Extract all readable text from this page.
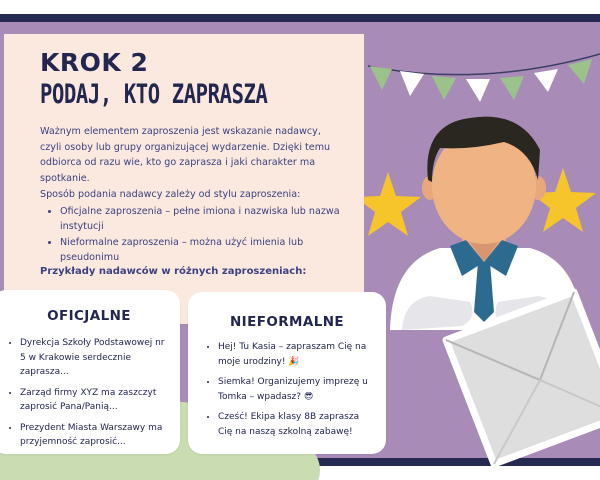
KROK 2
PODAJ, KTO ZAPRASZA

Ważnym elementem zaproszenia jest wskazanie nadawcy, czyli osoby lub grupy organizującej wydarzenie. Dzięki temu odbiorca od razu wie, kto go zaprasza i jaki charakter ma spotkanie.

Sposób podania nadawcy zależy od stylu zaproszenia:

• Oficjalne zaproszenia – pełne imiona i nazwiska lub nazwa instytucji
• Nieformalne zaproszenia – można użyć imienia lub pseudonimu
Przykłady nadawców w różnych zaproszeniach:
OFICJALNE
• Dyrekcja Szkoły Podstawowej nr 5 w Krakowie serdecznie zaprasza...
• Zarząd firmy XYZ ma zaszczyt zaprosić Pana/Panią...
• Prezydent Miasta Warszawy ma przyjemność zaprosić...
NIEFORMALNE
• Hej! Tu Kasia – zapraszam Cię na moje urodziny! 🎉
• Siemka! Organizujemy imprezę u Tomka – wpadasz? 😎
• Cześć! Ekipa klasy 8B zaprasza Cię na naszą szkolną zabawę!
